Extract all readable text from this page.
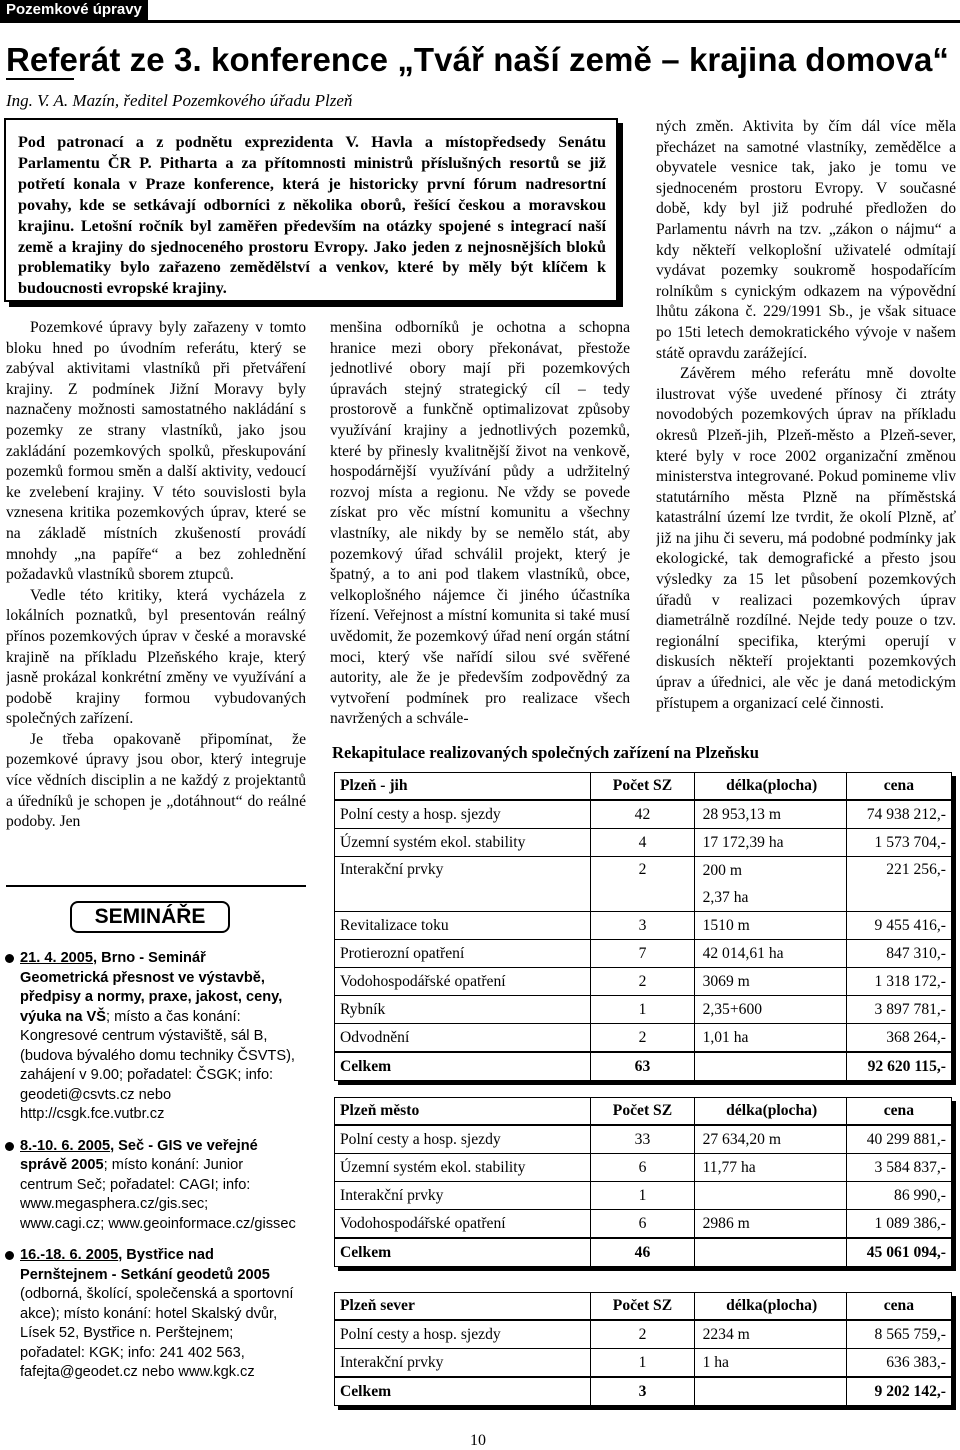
Pozemkové úpravy
Referát ze 3. konference „Tvář naší země – krajina domova“
Ing. V. A. Mazín, ředitel Pozemkového úřadu Plzeň
Pod patronací a z podnětu exprezidenta V. Havla a místopředsedy Senátu Parlamentu ČR P. Pitharta a za přítomnosti ministrů příslušných resortů se již potřetí konala v Praze konference, která je historicky první fórum nadresortní povahy, kde se setkávají odborníci z několika oborů, řešící českou a moravskou krajinu. Letošní ročník byl zaměřen především na otázky spojené s integrací naší země a krajiny do sjednoceného prostoru Evropy. Jako jeden z nejnosnějších bloků problematiky bylo zařazeno zemědělství a venkov, které by měly být klíčem k budoucnosti evropské krajiny.

Pozemkové úpravy byly zařazeny v tomto bloku hned po úvodním referátu, který se zabýval aktivitami vlastníků při přetváření krajiny. Z podmínek Jižní Moravy byly naznačeny možnosti samostatného nakládání s pozemky ze strany vlastníků, jako jsou zakládání pozemkových spolků, přeskupování pozemků formou směn a další aktivity, vedoucí ke zvelebení krajiny. V této souvislosti byla vznesena kritika pozemkových úprav, které se na základě místních zkušeností provádí mnohdy „na papíře“ a bez zohlednění požadavků vlastníků sborem ztupců.

Vedle této kritiky, která vycházela z lokálních poznatků, byl presentován reálný přínos pozemkových úprav v české a moravské krajině na příkladu Plzeňského kraje, který jasně prokázal konkrétní změny ve využívání a podobě krajiny formou vybudovaných společných zařízení.

Je třeba opakovaně připomínat, že pozemkové úpravy jsou obor, který integruje více vědních disciplin a ne každý z projektantů a úředníků je schopen je „dotáhnout“ do reálné podoby. Jen

menšina odborníků je ochotna a schopna hranice mezi obory překonávat, přestože jednotlivé obory mají při pozemkových úpravách stejný strategický cíl – tedy prostorově a funkčně optimalizovat způsoby využívání krajiny a jednotlivých pozemků, které by přinesly kvalitnější život na venkově, hospodárnější využívání půdy a udržitelný rozvoj místa a regionu. Ne vždy se povede získat pro věc místní komunitu a všechny vlastníky, ale nikdy by se nemělo stát, aby pozemkový úřad schválil projekt, který je špatný, a to ani pod tlakem vlastníků, obce, velkoplošného nájemce či jiného účastníka řízení. Veřejnost a místní komunita si také musí uvědomit, že pozemkový úřad není orgán státní moci, který vše nařídí silou své svěřené autority, ale že je především zodpovědný za vytvoření podmínek pro realizace všech navržených a schvále-

ných změn. Aktivita by čím dál více měla přecházet na samotné vlastníky, zemědělce a obyvatele vesnice tak, jako je tomu ve sjednoceném prostoru Evropy. V současné době, kdy byl již podruhé předložen do Parlamentu návrh na tzv. „zákon o nájmu“ a kdy někteří velkoplošní uživatelé odmítají vydávat pozemky soukromě hospodařícím rolníkům s cynickým odkazem na výpovědní lhůtu zákona č. 229/1991 Sb., je však situace po 15ti letech demokratického vývoje v našem státě opravdu zarážející.

Závěrem mého referátu mně dovolte ilustrovat výše uvedené přínosy či ztráty novodobých pozemkových úprav na příkladu okresů Plzeň-jih, Plzeň-město a Plzeň-sever, které byly v roce 2002 organizační změnou ministerstva integrované. Pokud pomineme vliv statutárního města Plzně na příměstská katastrální území lze tvrdit, že okolí Plzně, ať již na jihu či severu, má podobné podmínky jak ekologické, tak demografické a přesto jsou výsledky za 15 let působení pozemkových úřadů v realizaci pozemkových úprav diametrálně rozdílné. Nejde tedy pouze o tzv. regionální specifika, kterými operují v diskusích někteří projektanti pozemkových úprav a úřednici, ale věc je daná metodickým přístupem a organizací celé činnosti.

SEMINÁŘE
21. 4. 2005, Brno - Seminář Geometrická přesnost ve výstavbě, předpisy a normy, praxe, jakost, ceny, výuka na VŠ; místo a čas konání: Kongresové centrum výstaviště, sál B, (budova bývalého domu techniky ČSVTS), zahájení v 9.00; pořadatel: ČSGK; info: geodeti@csvts.cz nebo http://csgk.fce.vutbr.cz
8.-10. 6. 2005, Seč - GIS ve veřejné správě 2005; místo konání: Junior centrum Seč; pořadatel: CAGI; info: www.megasphera.cz/gis.sec; www.cagi.cz; www.geoinformace.cz/gissec
16.-18. 6. 2005, Bystřice nad Pernštejnem - Setkání geodetů 2005 (odborná, školící, společenská a sportovní akce); místo konání: hotel Skalský dvůr, Lísek 52, Bystřice n. Perštejnem; pořadatel: KGK; info: 241 402 563, fafejta@geodet.cz nebo www.kgk.cz
Rekapitulace realizovaných společných zařízení na Plzeňsku
Plzeň - jih	Počet SZ	délka(plocha)	cena
Polní cesty a hosp. sjezdy	42	28 953,13 m	74 938 212,-
Územní systém ekol. stability	4	17 172,39 ha	1 573 704,-
Interakční prvky	2	200 m	221 256,-
		2,37 ha	
Revitalizace toku	3	1510 m	9 455 416,-
Protierozní opatření	7	42 014,61 ha	847 310,-
Vodohospodářské opatření	2	3069 m	1 318 172,-
Rybník	1	2,35+600	3 897 781,-
Odvodnění	2	1,01 ha	368 264,-
Celkem	63		92 620 115,-
Plzeň město	Počet SZ	délka(plocha)	cena
Polní cesty a hosp. sjezdy	33	27 634,20 m	40 299 881,-
Územní systém ekol. stability	6	11,77 ha	3 584 837,-
Interakční prvky	1		86 990,-
Vodohospodářské opatření	6	2986 m	1 089 386,-
Celkem	46		45 061 094,-
Plzeň sever	Počet SZ	délka(plocha)	cena
Polní cesty a hosp. sjezdy	2	2234 m	8 565 759,-
Interakční prvky	1	1 ha	636 383,-
Celkem	3		9 202 142,-
10
